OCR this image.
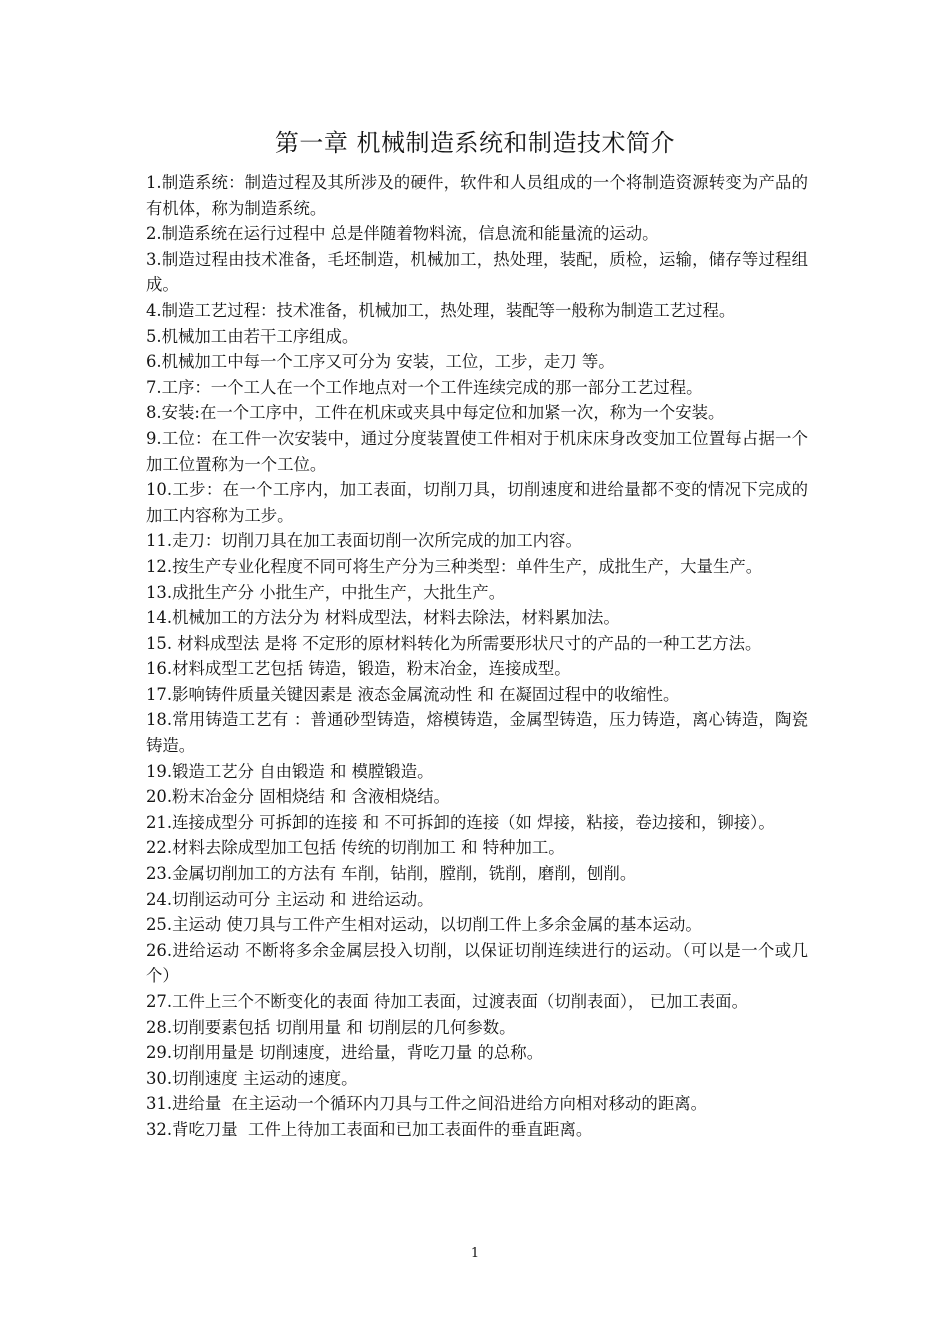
第一章 机械制造系统和制造技术简介
1.制造系统：制造过程及其所涉及的硬件，软件和人员组成的一个将制造资源转变为产品的有机体，称为制造系统。
2.制造系统在运行过程中 总是伴随着物料流，信息流和能量流的运动。
3.制造过程由技术准备，毛坯制造，机械加工，热处理，装配，质检，运输，储存等过程组成。
4.制造工艺过程：技术准备，机械加工，热处理，装配等一般称为制造工艺过程。
5.机械加工由若干工序组成。
6.机械加工中每一个工序又可分为 安装，工位，工步，走刀 等。
7.工序：一个工人在一个工作地点对一个工件连续完成的那一部分工艺过程。
8.安装:在一个工序中，工件在机床或夹具中每定位和加紧一次，称为一个安装。
9.工位：在工件一次安装中，通过分度装置使工件相对于机床床身改变加工位置每占据一个加工位置称为一个工位。
10.工步：在一个工序内，加工表面，切削刀具，切削速度和进给量都不变的情况下完成的加工内容称为工步。
11.走刀：切削刀具在加工表面切削一次所完成的加工内容。
12.按生产专业化程度不同可将生产分为三种类型：单件生产，成批生产，大量生产。
13.成批生产分 小批生产，中批生产，大批生产。
14.机械加工的方法分为 材料成型法，材料去除法，材料累加法。
15. 材料成型法 是将 不定形的原材料转化为所需要形状尺寸的产品的一种工艺方法。
16.材料成型工艺包括 铸造，锻造，粉末冶金，连接成型。
17.影响铸件质量关键因素是 液态金属流动性 和 在凝固过程中的收缩性。
18.常用铸造工艺有 ：普通砂型铸造，熔模铸造，金属型铸造，压力铸造，离心铸造，陶瓷铸造。
19.锻造工艺分 自由锻造 和 模膛锻造。
20.粉末冶金分 固相烧结 和 含液相烧结。
21.连接成型分 可拆卸的连接 和 不可拆卸的连接（如 焊接，粘接，卷边接和，铆接）。
22.材料去除成型加工包括 传统的切削加工 和 特种加工。
23.金属切削加工的方法有 车削，钻削，膛削，铣削，磨削，刨削。
24.切削运动可分 主运动 和 进给运动。
25.主运动 使刀具与工件产生相对运动，以切削工件上多余金属的基本运动。
26.进给运动 不断将多余金属层投入切削，以保证切削连续进行的运动。（可以是一个或几个）
27.工件上三个不断变化的表面 待加工表面，过渡表面（切削表面）， 已加工表面。
28.切削要素包括 切削用量 和 切削层的几何参数。
29.切削用量是 切削速度，进给量，背吃刀量 的总称。
30.切削速度 主运动的速度。
31.进给量  在主运动一个循环内刀具与工件之间沿进给方向相对移动的距离。
32.背吃刀量  工件上待加工表面和已加工表面件的垂直距离。
1
